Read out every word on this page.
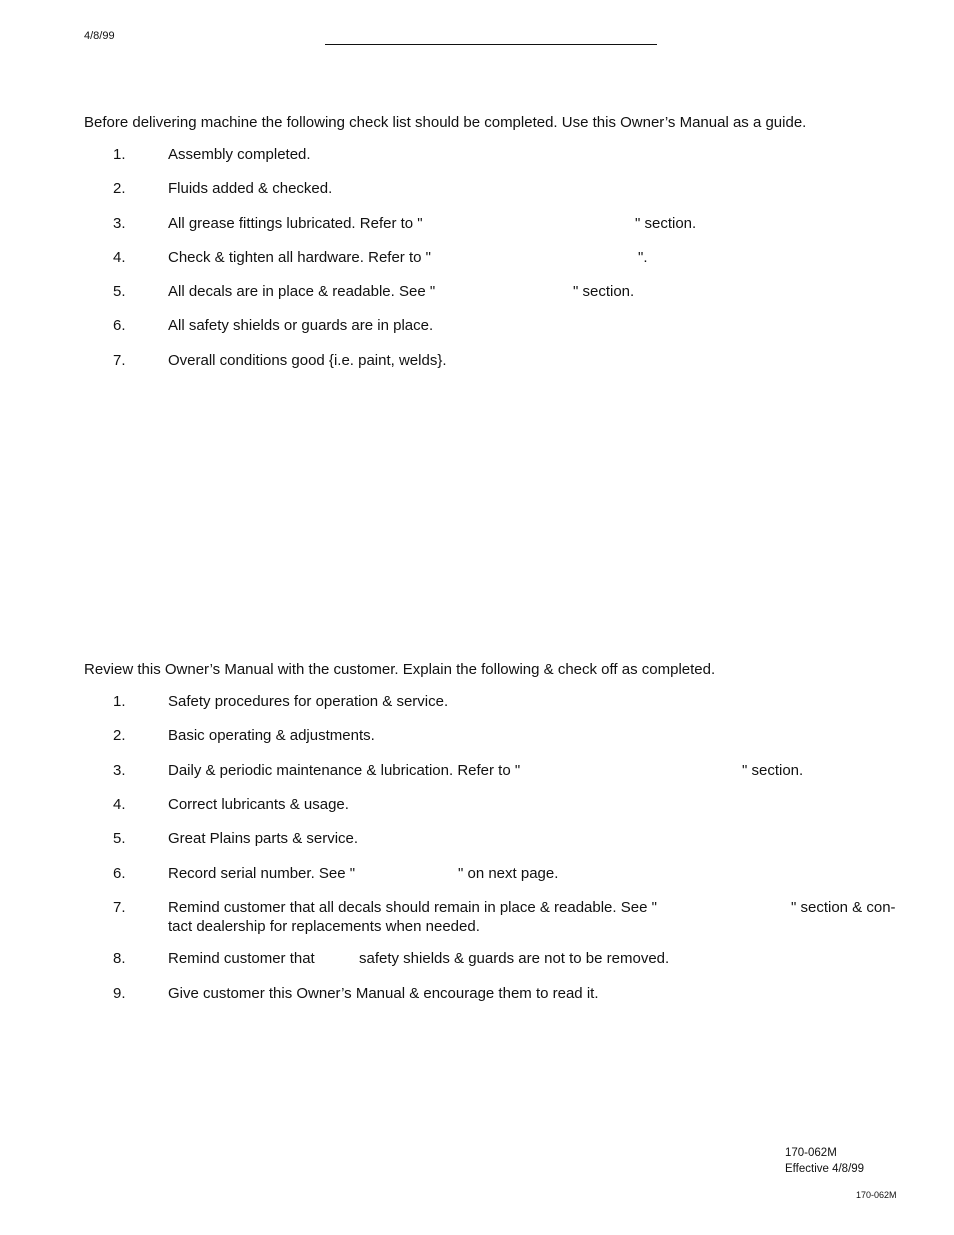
4/8/99
Before delivering machine the following check list should be completed. Use this Owner’s Manual as a guide.
1.	Assembly completed.
2.	Fluids added & checked.
3.	All grease fittings lubricated. Refer to "	" section.
4.	Check & tighten all hardware. Refer to "	".
5.	All decals are in place & readable. See "	" section.
6.	All safety shields or guards are in place.
7.	Overall conditions good {i.e. paint, welds}.
Review this Owner’s Manual with the customer. Explain the following & check off as completed.
1.	Safety procedures for operation & service.
2.	Basic operating & adjustments.
3.	Daily & periodic maintenance & lubrication. Refer to "	" section.
4.	Correct lubricants & usage.
5.	Great Plains parts & service.
6.	Record serial number. See "	" on next page.
7.	Remind customer that all decals should remain in place & readable. See "	" section & con-
tact dealership for replacements when needed.
8.	Remind customer that	safety shields & guards are not to be removed.
9.	Give customer this Owner’s Manual & encourage them to read it.
170-062M
Effective 4/8/99
170-062M
